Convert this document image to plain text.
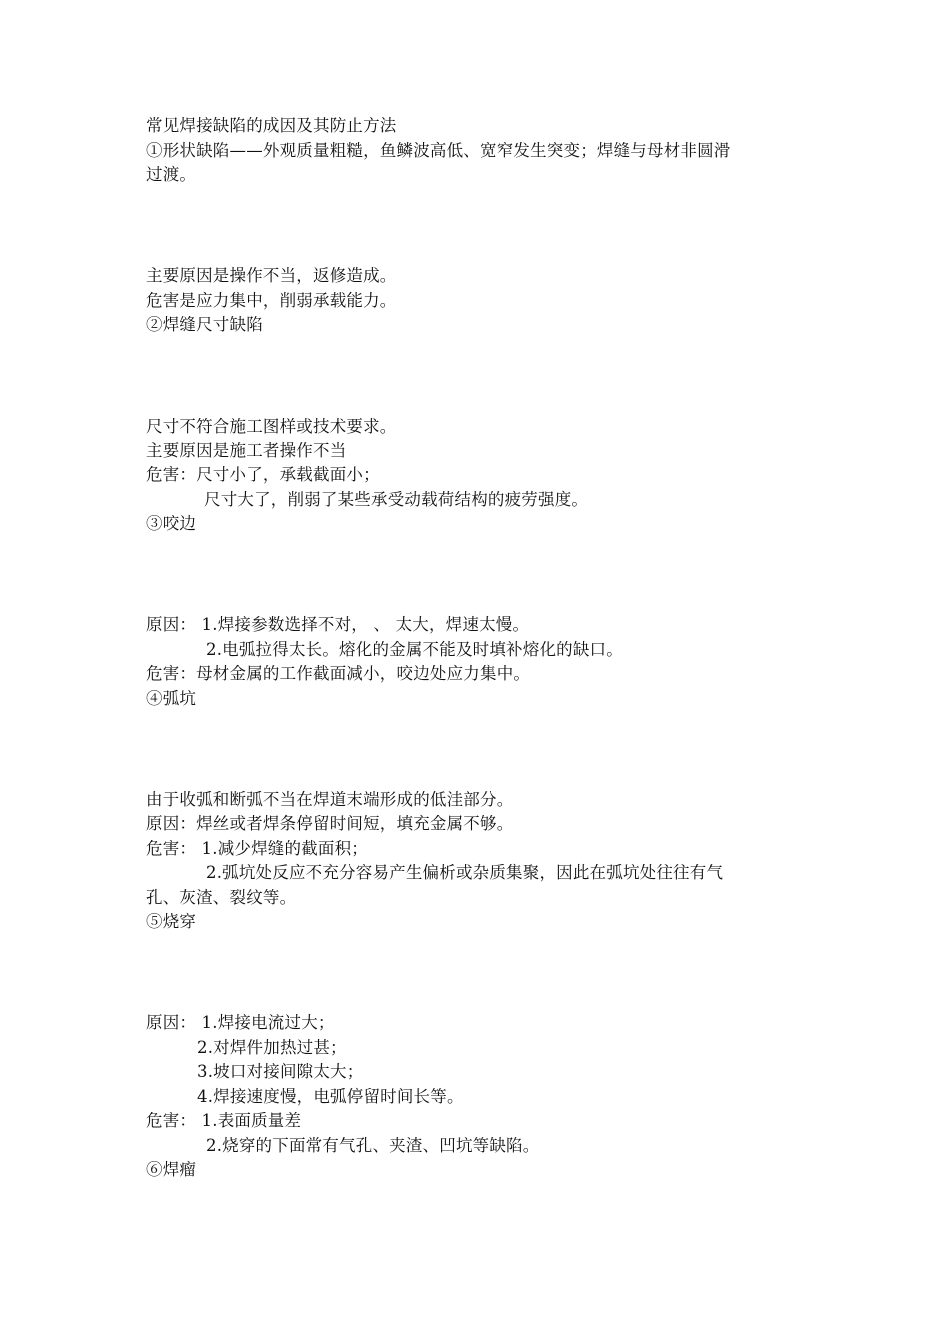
常见焊接缺陷的成因及其防止方法
①形状缺陷——外观质量粗糙，鱼鳞波高低、宽窄发生突变；焊缝与母材非圆滑
过渡。
主要原因是操作不当，返修造成。
危害是应力集中，削弱承载能力。
②焊缝尺寸缺陷
尺寸不符合施工图样或技术要求。
主要原因是施工者操作不当
危害：尺寸小了，承载截面小；
尺寸大了，削弱了某些承受动载荷结构的疲劳强度。
③咬边
原因： 1.焊接参数选择不对， 、 太大，焊速太慢。
2.电弧拉得太长。熔化的金属不能及时填补熔化的缺口。
危害：母材金属的工作截面减小，咬边处应力集中。
④弧坑
由于收弧和断弧不当在焊道末端形成的低洼部分。
原因：焊丝或者焊条停留时间短，填充金属不够。
危害： 1.减少焊缝的截面积；
2.弧坑处反应不充分容易产生偏析或杂质集聚，因此在弧坑处往往有气
孔、灰渣、裂纹等。
⑤烧穿
原因： 1.焊接电流过大；
2.对焊件加热过甚；
3.坡口对接间隙太大；
4.焊接速度慢，电弧停留时间长等。
危害： 1.表面质量差
2.烧穿的下面常有气孔、夹渣、凹坑等缺陷。
⑥焊瘤
